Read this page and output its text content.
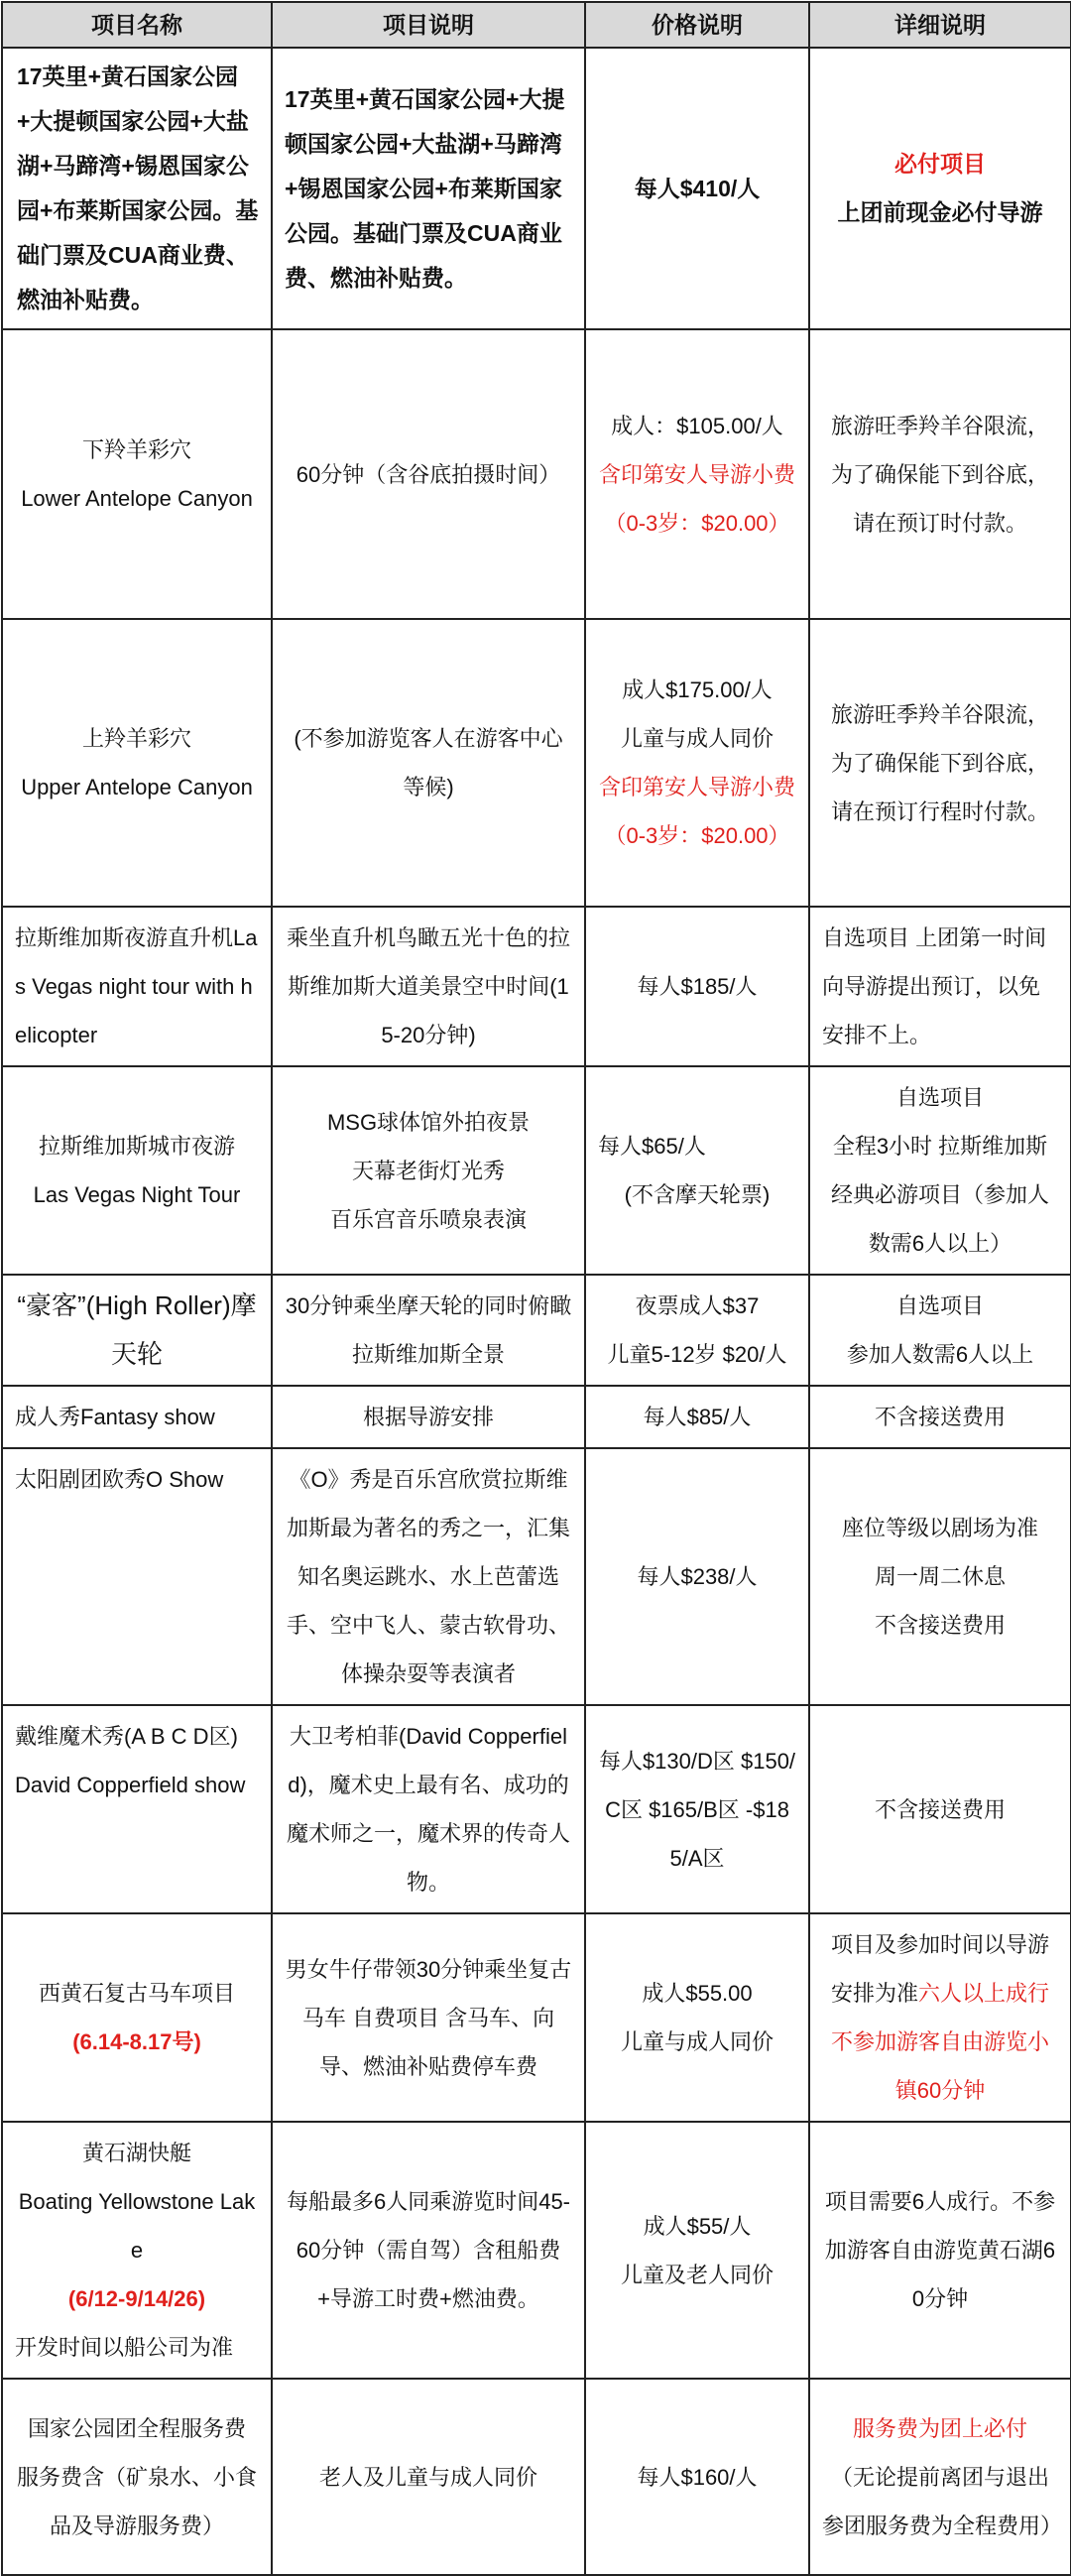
项目名称	项目说明	价格说明	详细说明
17英里+黄石国家公园+大提顿国家公园+大盐湖+马蹄湾+锡恩国家公园+布莱斯国家公园。基础门票及CUA商业费、燃油补贴费。	17英里+黄石国家公园+大提顿国家公园+大盐湖+马蹄湾+锡恩国家公园+布莱斯国家公园。基础门票及CUA商业费、燃油补贴费。	每人$410/人	必付项目
上团前现金必付导游

下羚羊彩穴
Lower Antelope Canyon	60分钟（含谷底拍摄时间）	成人：$105.00/人
含印第安人导游小费
（0-3岁：$20.00）	旅游旺季羚羊谷限流，为了确保能下到谷底，请在预订时付款。

上羚羊彩穴
Upper Antelope Canyon	(不参加游览客人在游客中心等候)	成人$175.00/人
儿童与成人同价
含印第安人导游小费
（0-3岁：$20.00）	旅游旺季羚羊谷限流，为了确保能下到谷底，请在预订行程时付款。
拉斯维加斯夜游直升机Las Vegas night tour with helicopter	乘坐直升机鸟瞰五光十色的拉斯维加斯大道美景空中时间(15-20分钟)	每人$185/人	自选项目 上团第一时间向导游提出预订，以免安排不上。

拉斯维加斯城市夜游
Las Vegas Night Tour	MSG球体馆外拍夜景
天幕老街灯光秀
百乐宫音乐喷泉表演	每人$65/人
(不含摩天轮票)	自选项目
全程3小时 拉斯维加斯经典必游项目（参加人数需6人以上）

“豪客”(High Roller)摩天轮	30分钟乘坐摩天轮的同时俯瞰拉斯维加斯全景	夜票成人$37
儿童5-12岁 $20/人	自选项目
参加人数需6人以上

成人秀Fantasy show	根据导游安排	每人$85/人	不含接送费用
太阳剧团欧秀O Show	《O》秀是百乐宫欣赏拉斯维加斯最为著名的秀之一，汇集知名奥运跳水、水上芭蕾选手、空中飞人、蒙古软骨功、体操杂耍等表演者	每人$238/人	座位等级以剧场为准
周一周二休息
不含接送费用

戴维魔术秀(A B C D区) David Copperfield show	大卫考柏菲(David Copperfield)，魔术史上最有名、成功的魔术师之一，魔术界的传奇人物。	每人$130/D区 $150/C区 $165/B区 -$185/A区	不含接送费用

西黄石复古马车项目
(6.14-8.17号)	男女牛仔带领30分钟乘坐复古马车 自费项目 含马车、向导、燃油补贴费停车费	成人$55.00
儿童与成人同价	项目及参加时间以导游安排为准六人以上成行 不参加游客自由游览小镇60分钟

黄石湖快艇
Boating Yellowstone Lake
(6/12-9/14/26)
开发时间以船公司为准	每船最多6人同乘游览时间45-60分钟（需自驾）含租船费+导游工时费+燃油费。	成人$55/人
儿童及老人同价	项目需要6人成行。不参加游客自由游览黄石湖60分钟

国家公园团全程服务费
服务费含（矿泉水、小食品及导游服务费）	老人及儿童与成人同价	每人$160/人	服务费为团上必付
（无论提前离团与退出参团服务费为全程费用）
